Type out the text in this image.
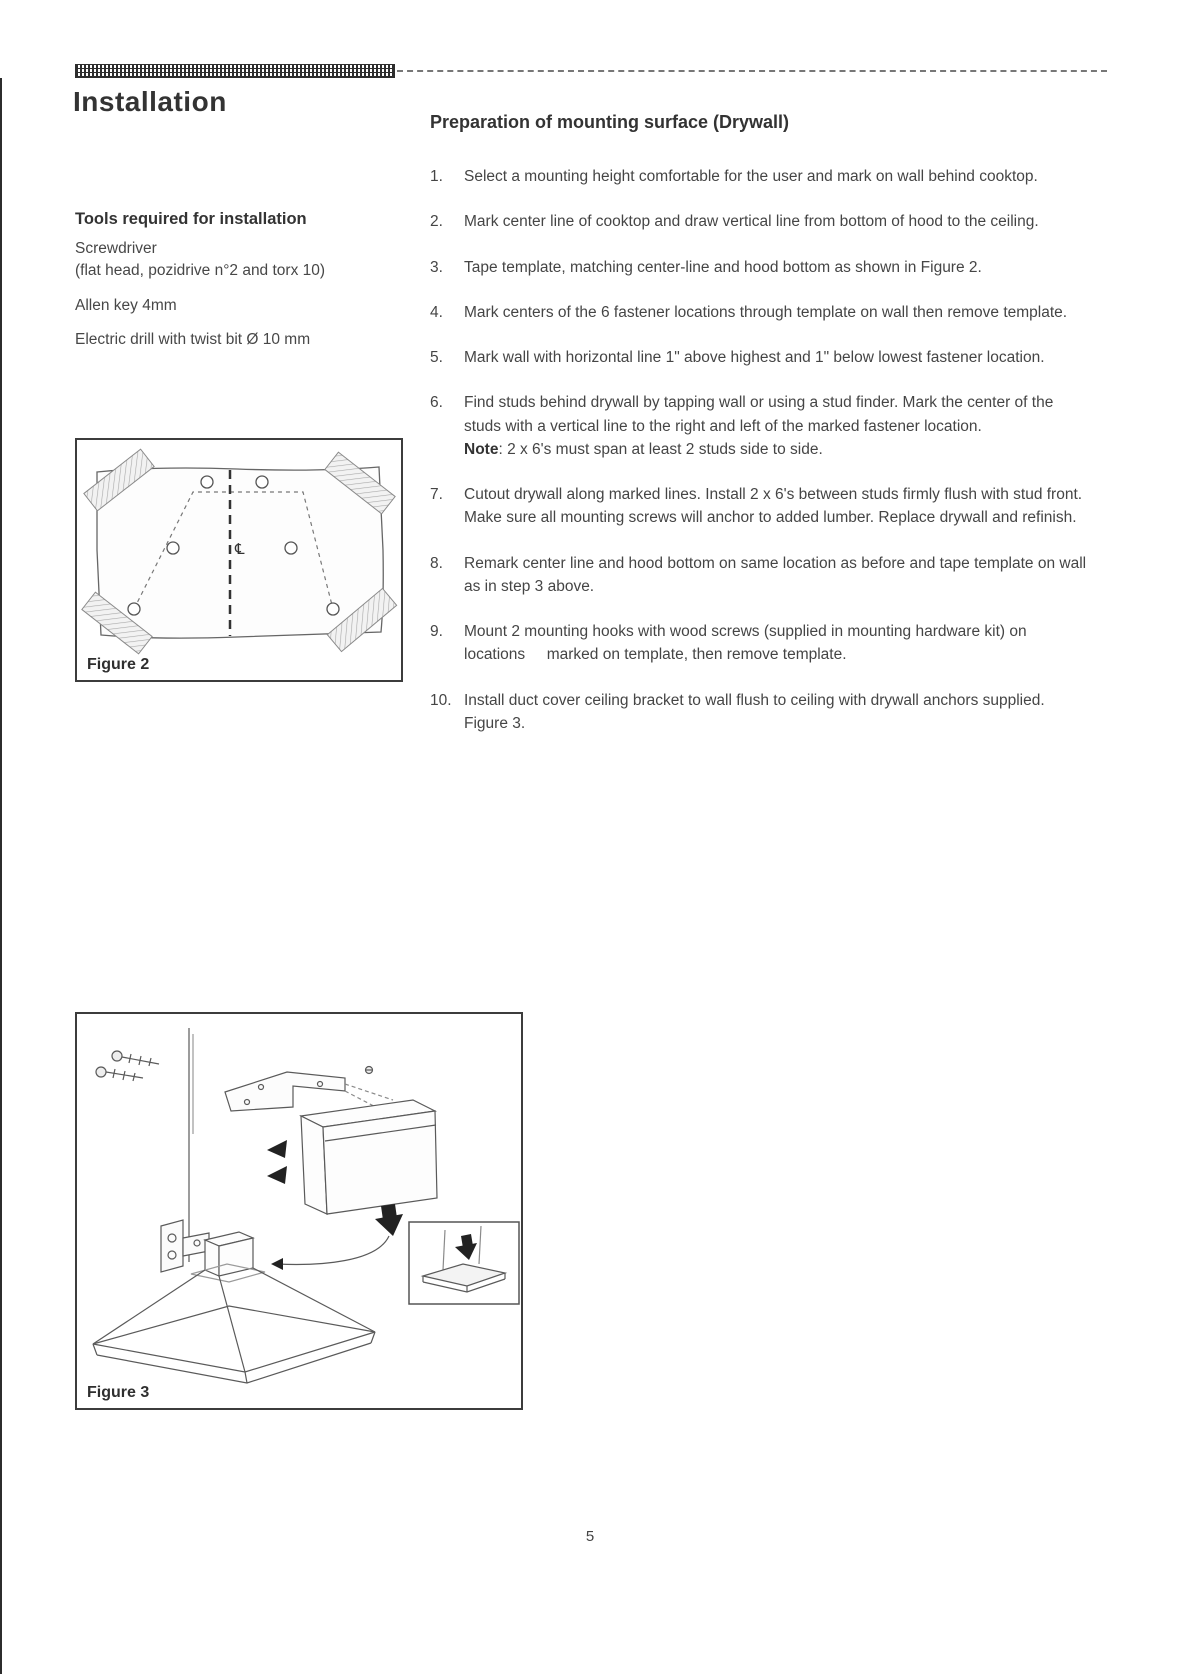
Installation
Tools required for installation

Screwdriver

(flat head, pozidrive n°2 and torx 10)

Allen key 4mm

Electric drill with twist bit Ø 10 mm

℄
Figure 2
Figure 3
Preparation of mounting surface (Drywall)
1.	Select a mounting height comfortable for the user and mark on wall behind cooktop.
2.	Mark center line of cooktop and draw vertical line from bottom of hood to the ceiling.
3.	Tape template, matching center-line and hood bottom as shown in Figure 2.
4.	Mark centers of the 6 fastener locations through template on wall then remove template.
5.	Mark wall with horizontal line 1" above highest and 1" below lowest fastener location.
6.	Find studs behind drywall by tapping wall or using a stud finder. Mark the center of the studs with a vertical line to the right and left of the marked fastener location.
Note: 2 x 6's must span at least 2 studs side to side.
7.	Cutout drywall along marked lines. Install 2 x 6's between studs firmly flush with stud front. Make sure all mounting screws will anchor to added lumber. Replace drywall and refinish.
8.	Remark center line and hood bottom on same location as before and tape template on wall as in step 3 above.
9.	Mount 2 mounting hooks with wood screws (supplied in mounting hardware kit) on locations     marked on template, then remove template.
10. Install duct cover ceiling bracket to wall flush to ceiling with drywall anchors supplied. Figure 3.
5
